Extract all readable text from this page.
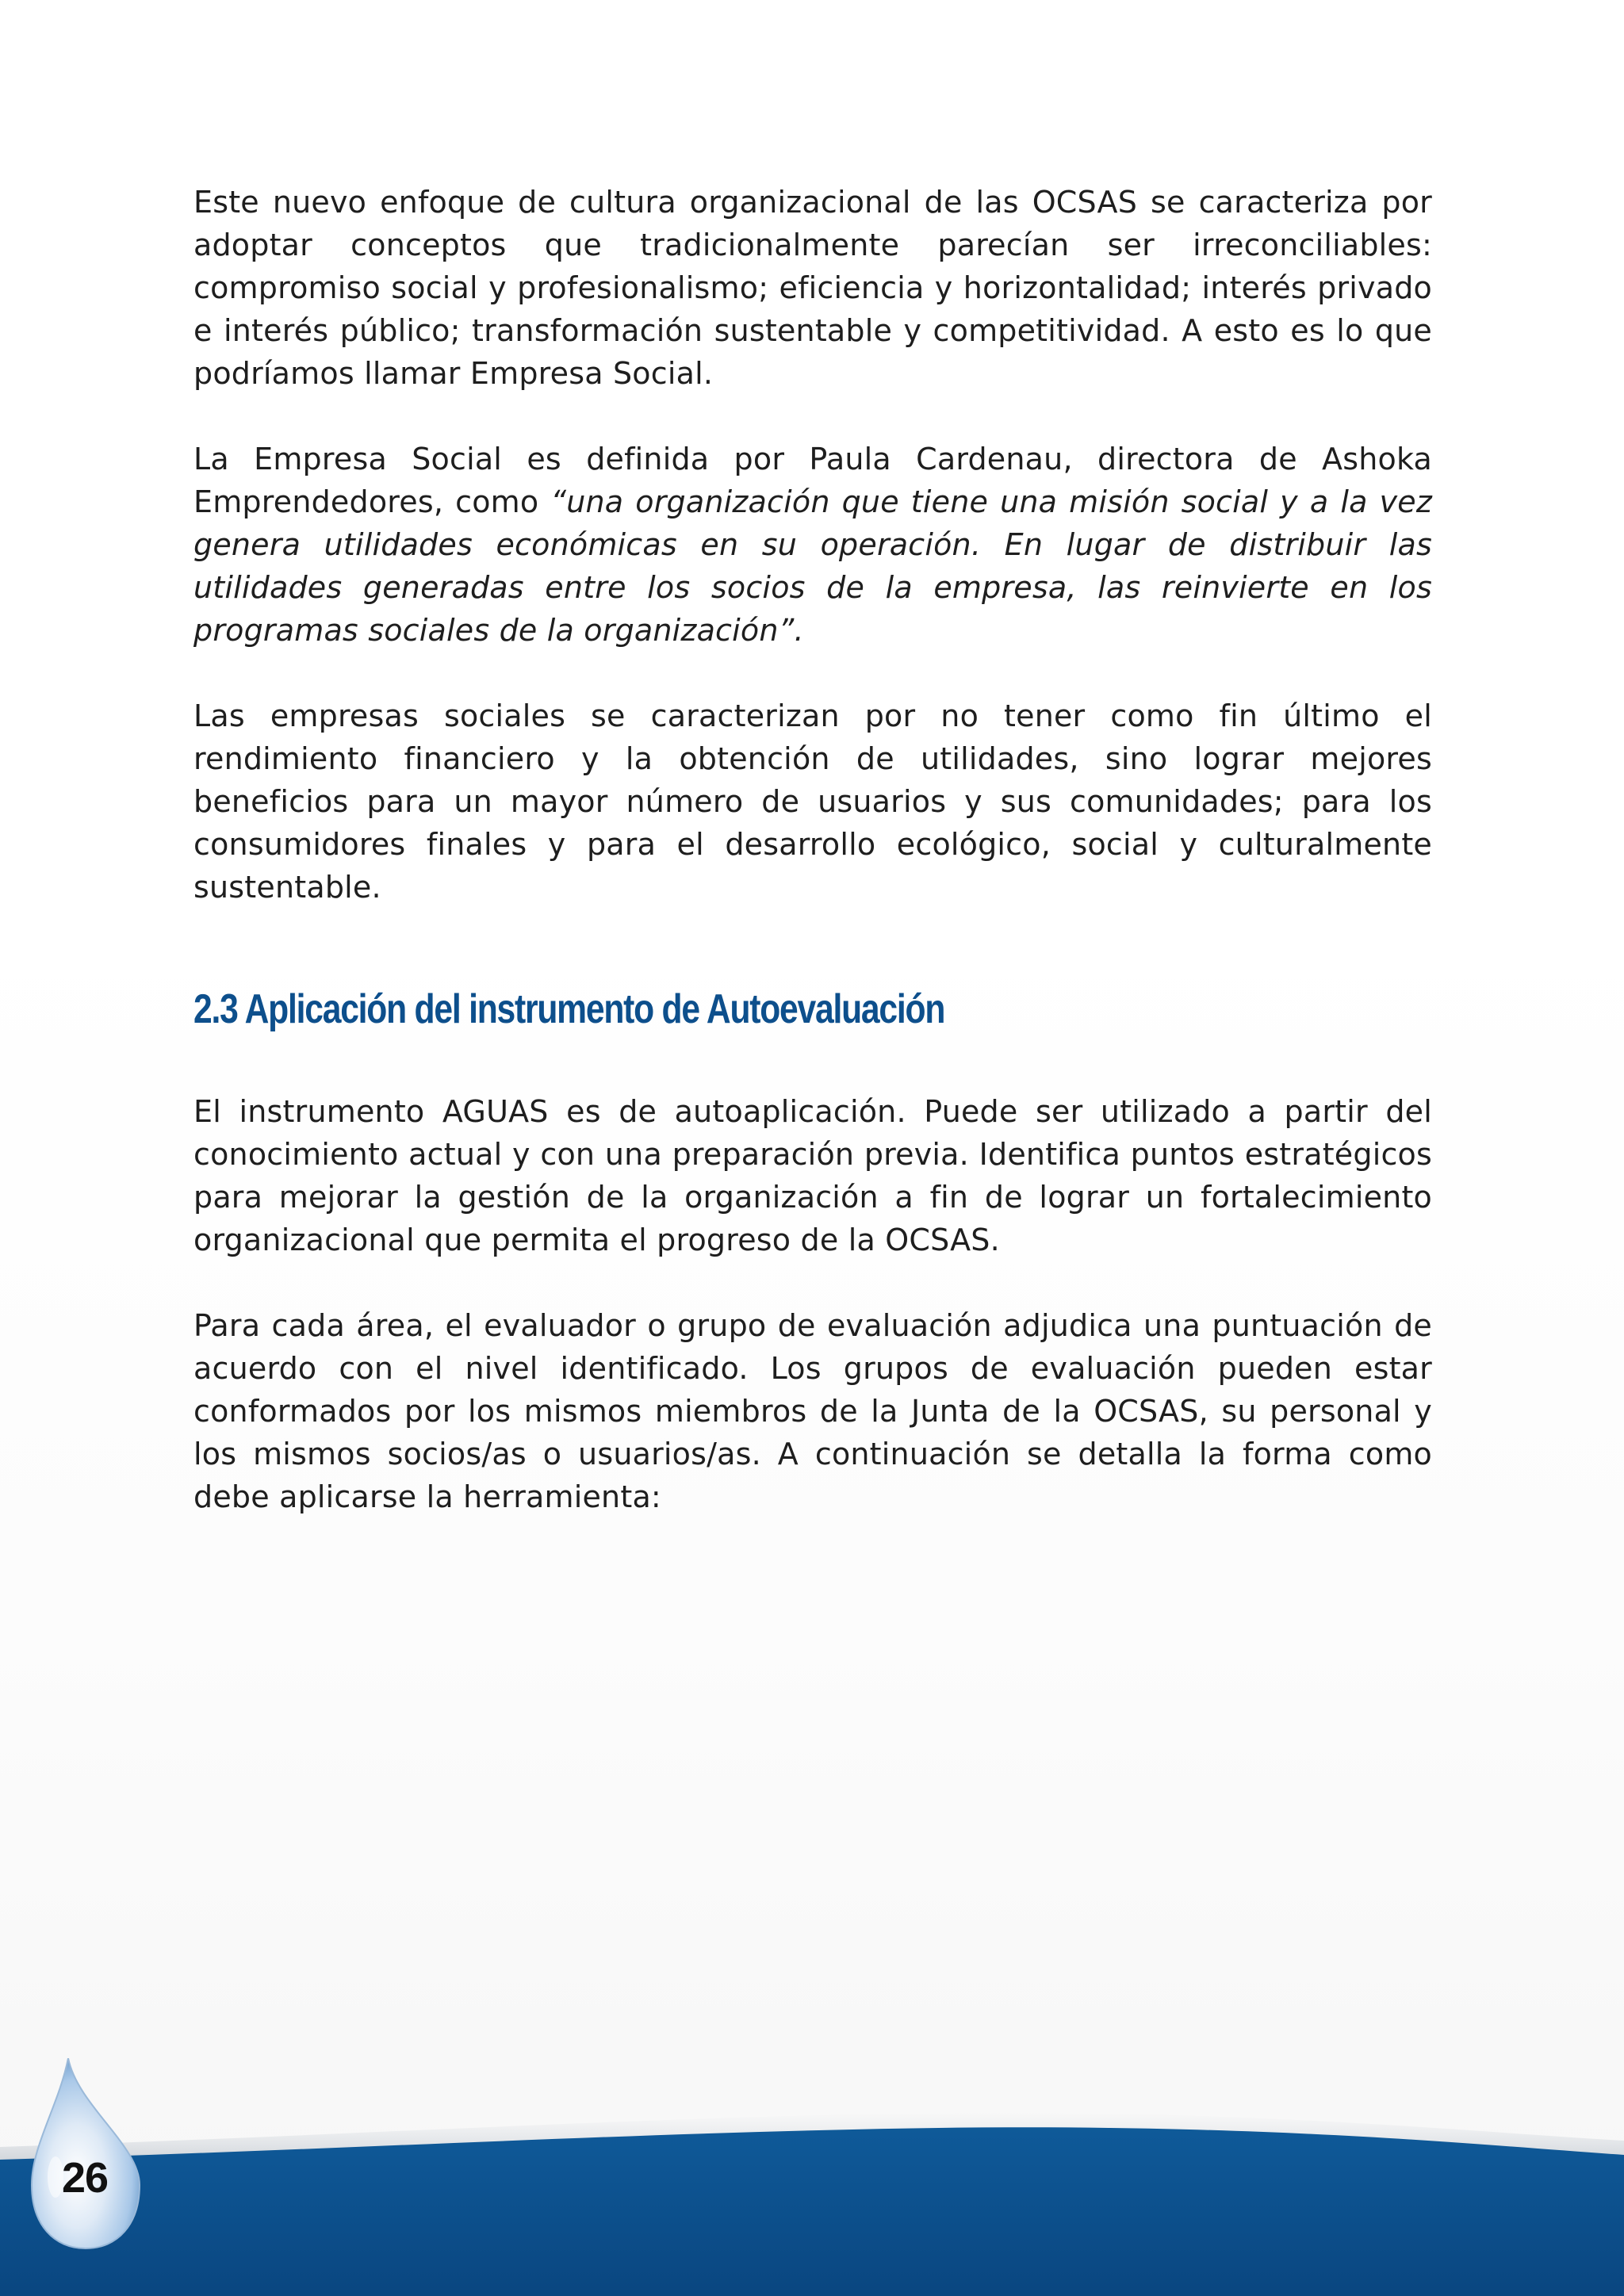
Este nuevo enfoque de cultura organizacional de las OCSAS se caracteriza por adoptar conceptos que tradicionalmente parecían ser irreconciliables: compromiso social y profesionalismo; eficiencia y horizontalidad; interés privado e interés público; transformación sustentable y competitividad. A esto es lo que podríamos llamar Empresa Social.

La Empresa Social es definida por Paula Cardenau, directora de Ashoka Emprendedores, como “una organización que tiene una misión social y a la vez genera utilidades económicas en su operación. En lugar de distribuir las utilidades generadas entre los socios de la empresa, las reinvierte en los programas sociales de la organización”.

Las empresas sociales se caracterizan por no tener como fin último el rendimiento financiero y la obtención de utilidades, sino lograr mejores beneficios para un mayor número de usuarios y sus comunidades; para los consumidores finales y para el desarrollo ecológico, social y culturalmente sustentable.

2.3 Aplicación del instrumento de Autoevaluación

El instrumento AGUAS es de autoaplicación. Puede ser utilizado a partir del conocimiento actual y con una preparación previa. Identifica puntos estratégicos para mejorar la gestión de la organización a fin de lograr un fortalecimiento organizacional que permita el progreso de la OCSAS.

Para cada área, el evaluador o grupo de evaluación adjudica una puntuación de acuerdo con el nivel identificado. Los grupos de evaluación pueden estar conformados por los mismos miembros de la Junta de la OCSAS, su personal y los mismos socios/as o usuarios/as. A continuación se detalla la forma como debe aplicarse la herramienta:

26
